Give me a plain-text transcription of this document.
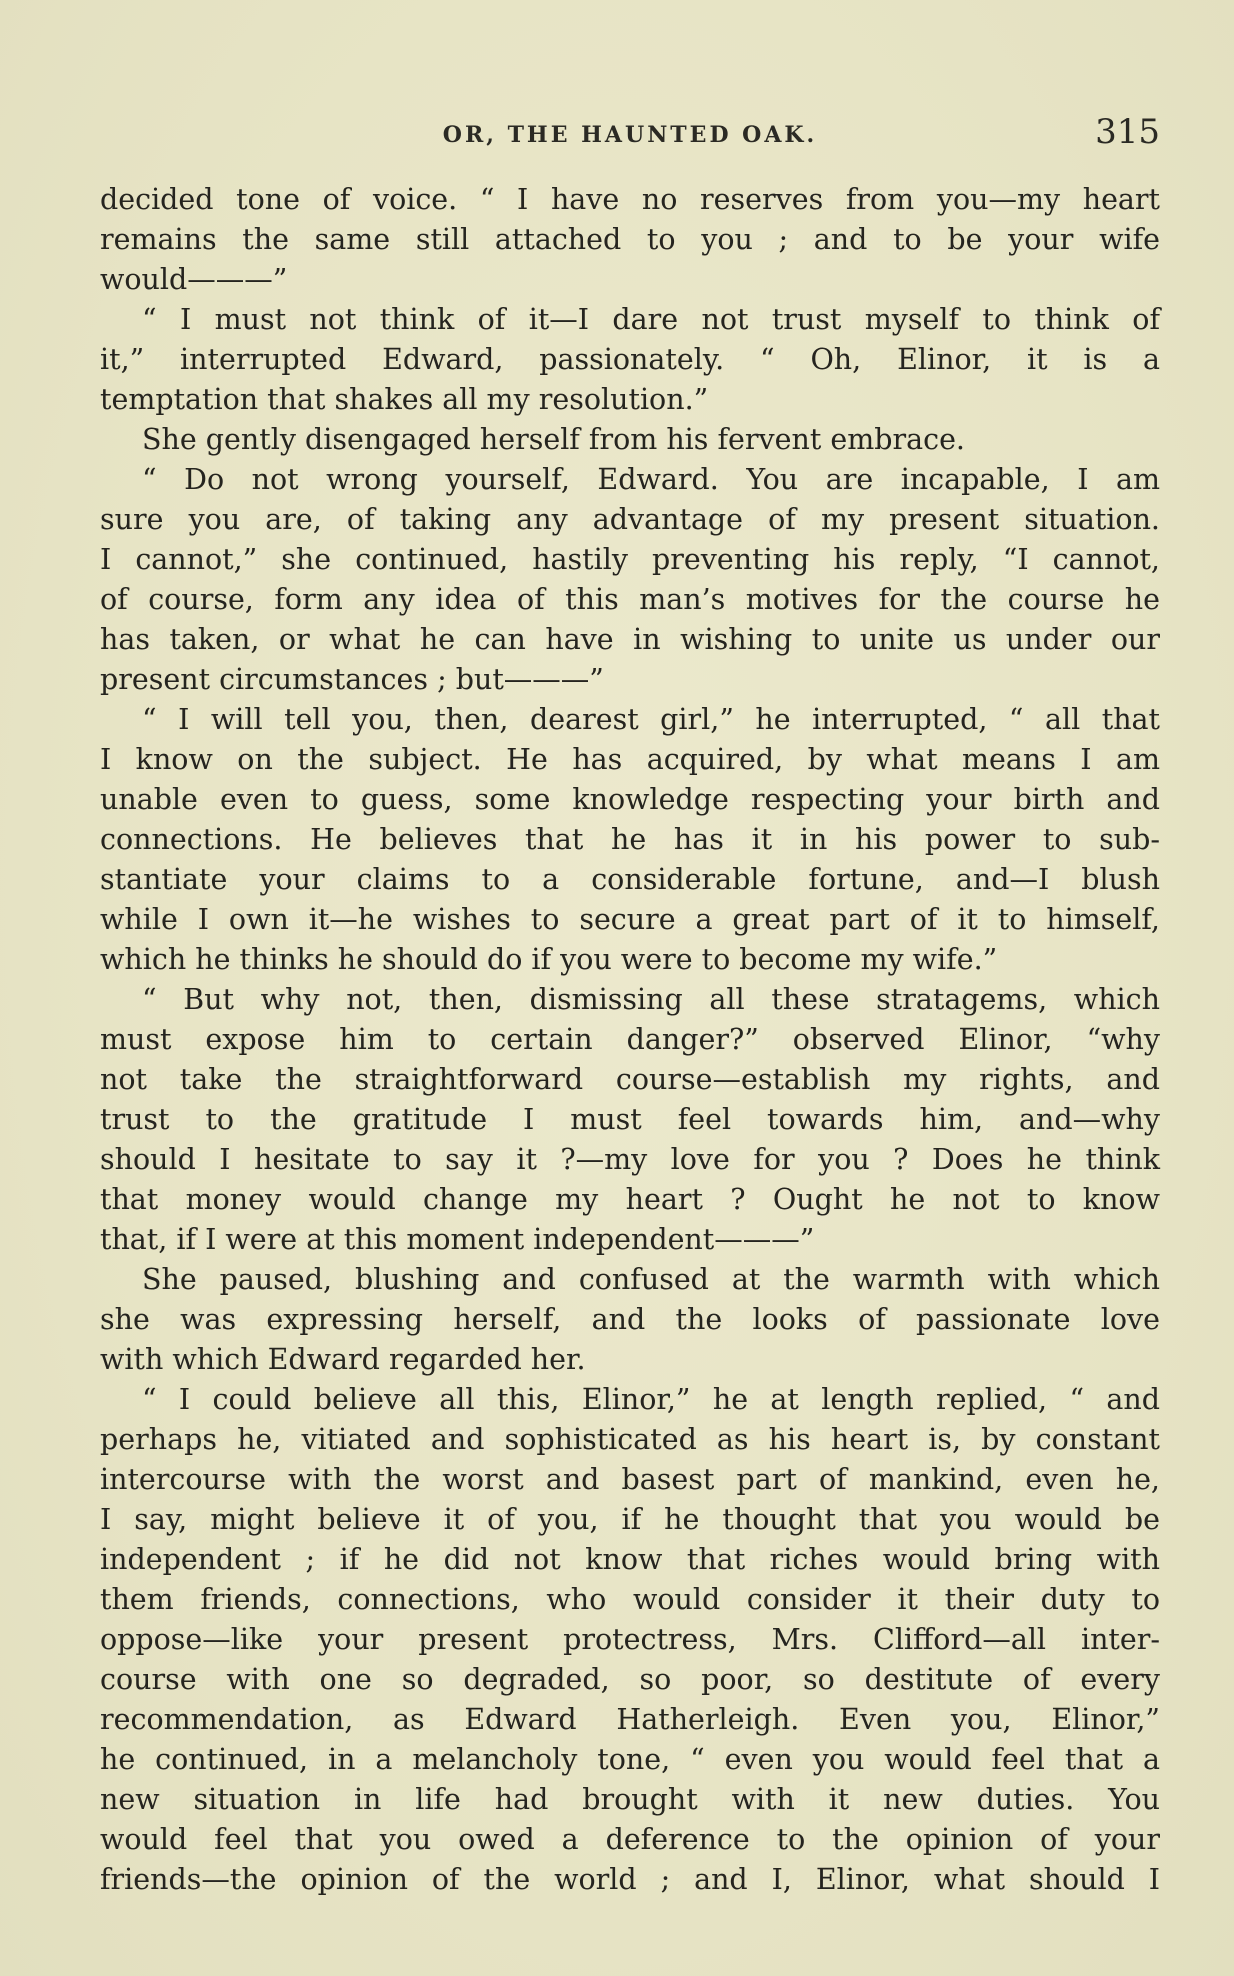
OR, THE HAUNTED OAK.	315
decided tone of voice. “ I have no reserves from you—my heart
remains the same still attached to you ; and to be your wife
would———”
“ I must not think of it—I dare not trust myself to think of
it,” interrupted Edward, passionately. “ Oh, Elinor, it is a
temptation that shakes all my resolution.”
She gently disengaged herself from his fervent embrace.
“ Do not wrong yourself, Edward. You are incapable, I am
sure you are, of taking any advantage of my present situation.
I cannot,” she continued, hastily preventing his reply, “I cannot,
of course, form any idea of this man’s motives for the course he
has taken, or what he can have in wishing to unite us under our
present circumstances ; but———”
“ I will tell you, then, dearest girl,” he interrupted, “ all that
I know on the subject. He has acquired, by what means I am
unable even to guess, some knowledge respecting your birth and
connections. He believes that he has it in his power to sub-
stantiate your claims to a considerable fortune, and—I blush
while I own it—he wishes to secure a great part of it to himself,
which he thinks he should do if you were to become my wife.”
“ But why not, then, dismissing all these stratagems, which
must expose him to certain danger?” observed Elinor, “why
not take the straightforward course—establish my rights, and
trust to the gratitude I must feel towards him, and—why
should I hesitate to say it ?—my love for you ? Does he think
that money would change my heart ? Ought he not to know
that, if I were at this moment independent———”
She paused, blushing and confused at the warmth with which
she was expressing herself, and the looks of passionate love
with which Edward regarded her.
“ I could believe all this, Elinor,” he at length replied, “ and
perhaps he, vitiated and sophisticated as his heart is, by constant
intercourse with the worst and basest part of mankind, even he,
I say, might believe it of you, if he thought that you would be
independent ; if he did not know that riches would bring with
them friends, connections, who would consider it their duty to
oppose—like your present protectress, Mrs. Clifford—all inter-
course with one so degraded, so poor, so destitute of every
recommendation, as Edward Hatherleigh. Even you, Elinor,”
he continued, in a melancholy tone, “ even you would feel that a
new situation in life had brought with it new duties. You
would feel that you owed a deference to the opinion of your
friends—the opinion of the world ; and I, Elinor, what should I
